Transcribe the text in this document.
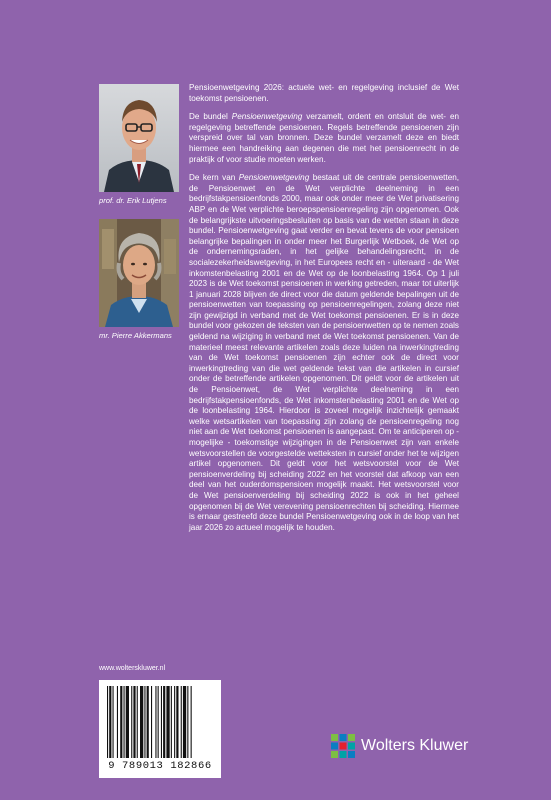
prof. dr. Erik Lutjens
mr. Pierre Akkermans

Pensioenwetgeving 2026: actuele wet- en regelgeving inclusief de Wet toekomst pensioenen.

De bundel Pensioenwetgeving verzamelt, ordent en ontsluit de wet- en regelgeving betreffende pensioenen. Regels betreffende pensioenen zijn verspreid over tal van bronnen. Deze bundel verzamelt deze en biedt hiermee een handreiking aan degenen die met het pensioenrecht in de praktijk of voor studie moeten werken.

De kern van Pensioenwetgeving bestaat uit de centrale pensioenwetten, de Pensioenwet en de Wet verplichte deelneming in een bedrijfstakpensioenfonds 2000, maar ook onder meer de Wet privatisering ABP en de Wet verplichte beroepspensioenregeling zijn opgenomen. Ook de belangrijkste uitvoeringsbesluiten op basis van de wetten staan in deze bundel. Pensioenwetgeving gaat verder en bevat tevens de voor pensioen belangrijke bepalingen in onder meer het Burgerlijk Wetboek, de Wet op de ondernemingsraden, in het gelijke behandelingsrecht, in de socialezekerheidswetgeving, in het Europees recht en - uiteraard - de Wet inkomstenbelasting 2001 en de Wet op de loonbelasting 1964. Op 1 juli 2023 is de Wet toekomst pensioenen in werking getreden, maar tot uiterlijk 1 januari 2028 blijven de direct voor die datum geldende bepalingen uit de pensioenwetten van toepassing op pensioenregelingen, zolang deze niet zijn gewijzigd in verband met de Wet toekomst pensioenen. Er is in deze bundel voor gekozen de teksten van de pensioenwetten op te nemen zoals geldend na wijziging in verband met de Wet toekomst pensioenen. Van de materieel meest relevante artikelen zoals deze luiden na inwerkingtreding van de Wet toekomst pensioenen zijn echter ook de direct voor inwerkingtreding van die wet geldende tekst van die artikelen in cursief onder de betreffende artikelen opgenomen. Dit geldt voor de artikelen uit de Pensioenwet, de Wet verplichte deelneming in een bedrijfstakpensioenfonds, de Wet inkomstenbelasting 2001 en de Wet op de loonbelasting 1964. Hierdoor is zoveel mogelijk inzichtelijk gemaakt welke wetsartikelen van toepassing zijn zolang de pensioenregeling nog niet aan de Wet toekomst pensioenen is aangepast. Om te anticiperen op - mogelijke - toekomstige wijzigingen in de Pensioenwet zijn van enkele wetsvoorstellen de voorgestelde wetteksten in cursief onder het te wijzigen artikel opgenomen. Dit geldt voor het wetsvoorstel voor de Wet pensioenverdeling bij scheiding 2022 en het voorstel dat afkoop van een deel van het ouderdomspensioen mogelijk maakt. Het wetsvoorstel voor de Wet pensioenverdeling bij scheiding 2022 is ook in het geheel opgenomen bij de Wet verevening pensioenrechten bij scheiding. Hiermee is ernaar gestreefd deze bundel Pensioenwetgeving ook in de loop van het jaar 2026 zo actueel mogelijk te houden.

www.wolterskluwer.nl
9 789013 182866
Wolters Kluwer
